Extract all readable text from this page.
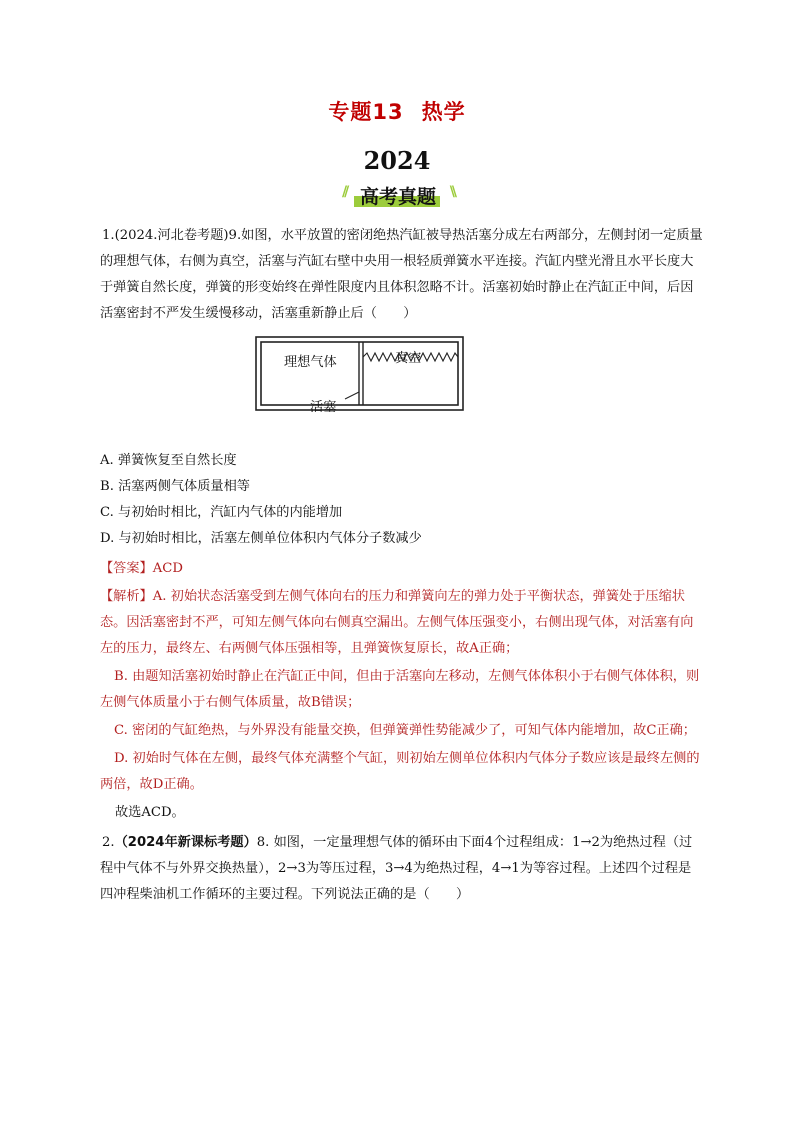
专题13 热学
2024
//	\\
高考真题
1.(2024.河北卷考题)9.如图，水平放置的密闭绝热汽缸被导热活塞分成左右两部分，左侧封闭一定质量的理想气体，右侧为真空，活塞与汽缸右壁中央用一根轻质弹簧水平连接。汽缸内壁光滑且水平长度大于弹簧自然长度，弹簧的形变始终在弹性限度内且体积忽略不计。活塞初始时静止在汽缸正中间，后因活塞密封不严发生缓慢移动，活塞重新静止后（　　）
理想气体	真空
活塞
A. 弹簧恢复至自然长度
B. 活塞两侧气体质量相等
C. 与初始时相比，汽缸内气体的内能增加
D. 与初始时相比，活塞左侧单位体积内气体分子数减少
【答案】ACD
【解析】A. 初始状态活塞受到左侧气体向右的压力和弹簧向左的弹力处于平衡状态，弹簧处于压缩状态。因活塞密封不严，可知左侧气体向右侧真空漏出。左侧气体压强变小，右侧出现气体，对活塞有向左的压力，最终左、右两侧气体压强相等，且弹簧恢复原长，故A正确；
B. 由题知活塞初始时静止在汽缸正中间，但由于活塞向左移动，左侧气体体积小于右侧气体体积，则左侧气体质量小于右侧气体质量，故B错误；
C. 密闭的气缸绝热，与外界没有能量交换，但弹簧弹性势能减少了，可知气体内能增加，故C正确；
D. 初始时气体在左侧，最终气体充满整个气缸，则初始左侧单位体积内气体分子数应该是最终左侧的两倍，故D正确。
故选ACD。
2.（2024年新课标考题）8. 如图，一定量理想气体的循环由下面4个过程组成：1→2为绝热过程（过程中气体不与外界交换热量），2→3为等压过程，3→4为绝热过程，4→1为等容过程。上述四个过程是四冲程柴油机工作循环的主要过程。下列说法正确的是（　　）
